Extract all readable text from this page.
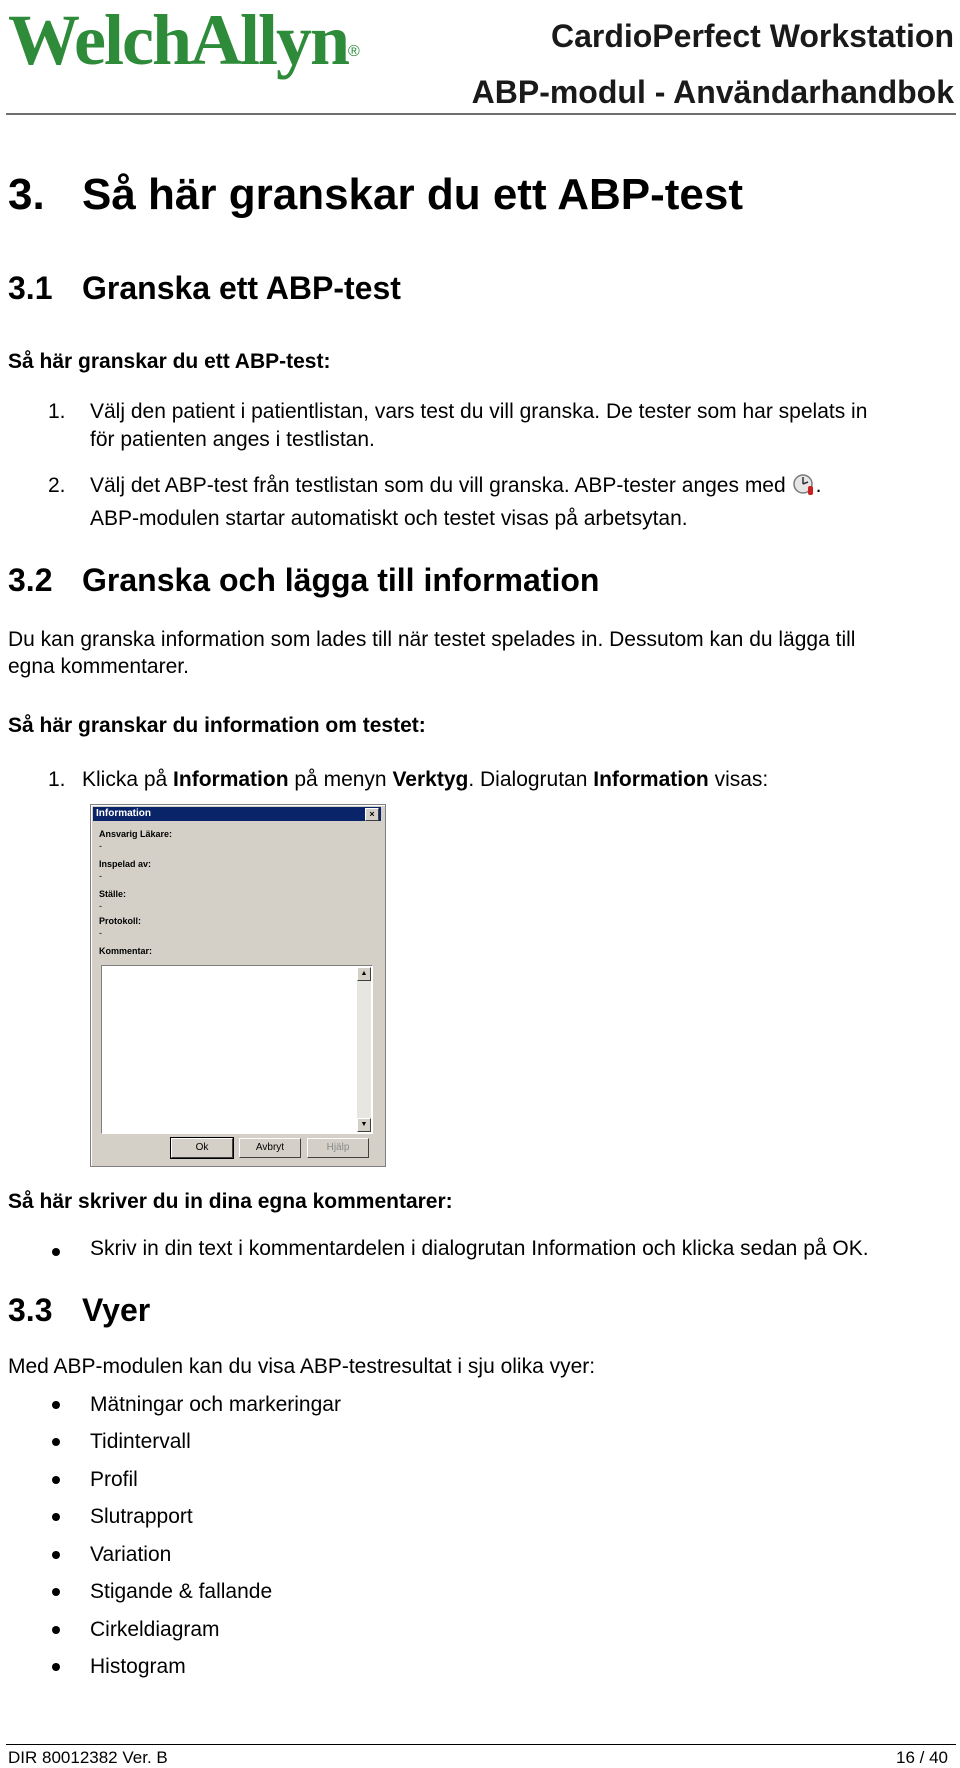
WelchAllyn®	CardioPerfect Workstation
ABP-modul - Användarhandbok
3. Så här granskar du ett ABP-test
3.1 Granska ett ABP-test
Så här granskar du ett ABP-test:
1.	Välj den patient i patientlistan, vars test du vill granska. De tester som har spelats in
för patienten anges i testlistan.
2.	Välj det ABP-test från testlistan som du vill granska. ABP-tester anges med .
ABP-modulen startar automatiskt och testet visas på arbetsytan.
3.2 Granska och lägga till information
Du kan granska information som lades till när testet spelades in. Dessutom kan du lägga till
egna kommentarer.
Så här granskar du information om testet:
1. Klicka på Information på menyn Verktyg. Dialogrutan Information visas:
Information	×
Ansvarig Läkare:
-
Inspelad av:
-
Ställe:
-
Protokoll:
-
Kommentar:
▲
▼
Ok	Avbryt	Hjälp
Så här skriver du in dina egna kommentarer:
Skriv in din text i kommentardelen i dialogrutan Information och klicka sedan på OK.
3.3 Vyer
Med ABP-modulen kan du visa ABP-testresultat i sju olika vyer:
Mätningar och markeringar
Tidintervall
Profil
Slutrapport
Variation
Stigande & fallande
Cirkeldiagram
Histogram
DIR 80012382 Ver. B	16 / 40
